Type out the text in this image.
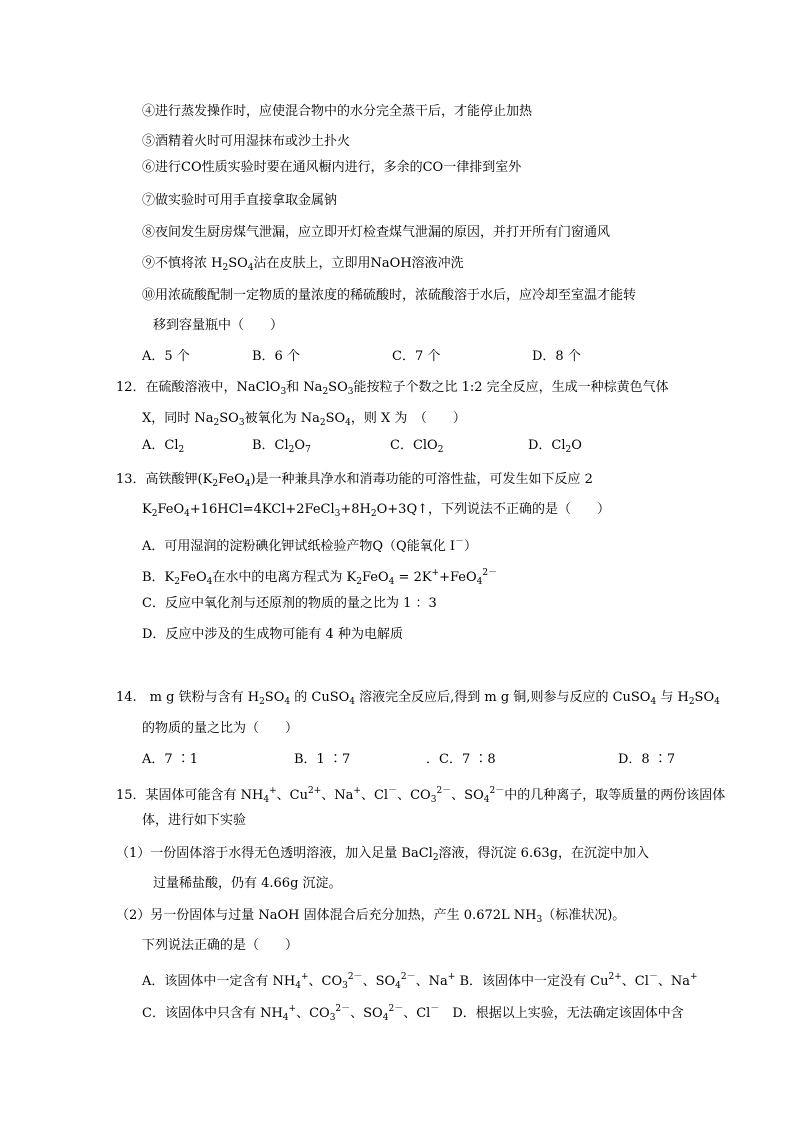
④进行蒸发操作时，应使混合物中的水分完全蒸干后，才能停止加热
⑤酒精着火时可用湿抹布或沙土扑火
⑥进行CO性质实验时要在通风橱内进行，多余的CO一律排到室外
⑦做实验时可用手直接拿取金属钠
⑧夜间发生厨房煤气泄漏，应立即开灯检查煤气泄漏的原因，并打开所有门窗通风
⑨不慎将浓 $H_2SO_4$沾在皮肤上，立即用NaOH溶液冲洗
⑩用浓硫酸配制一定物质的量浓度的稀硫酸时，浓硫酸溶于水后，应冷却至室温才能转
移到容量瓶中（　　）
A．5 个	B．6 个	C．7 个	D．8 个
12．在硫酸溶液中，NaClO$_3$和 $Na_2SO_3$能按粒子个数之比 1:2 完全反应，生成一种棕黄色气体
X，同时 $Na_2SO_3$被氧化为 $Na_2SO_4$，则 X 为　（　　）
A．$Cl_2$	B．$Cl_2O_7$	C．ClO$_2$	D．$Cl_2O$
13．高铁酸钾$(K_2FeO_4)$是一种兼具净水和消毒功能的可溶性盐，可发生如下反应 2
$K_2FeO_4+16HCl=4KCl+2FeCl_3+8H_2O+3Q↑$，下列说法不正确的是（　　）
A．可用湿润的淀粉碘化钾试纸检验产物Q（Q能氧化 I－）
B．$K_2FeO_4$在水中的电离方程式为 $K_2FeO_4 = 2K^++FeO_4^{2-}$
C．反应中氧化剂与还原剂的物质的量之比为 1 ：3
D．反应中涉及的生成物可能有 4 种为电解质
14.　m g 铁粉与含有 $H_2SO_4$ 的 CuSO$_4$ 溶液完全反应后,得到 m g 铜,则参与反应的 CuSO$_4$ 与 $H_2SO_4$
的物质的量之比为（　　）
A．7 ∶1	B．1 ∶7	．C．7 ∶8	D．8 ∶7
15．某固体可能含有 $NH_4^+$、$Cu^{2+}$、Na+、Cl－、$CO_3^{2-}$、$SO_4^{2-}$中的几种离子，取等质量的两份该固体
体，进行如下实验
（1）一份固体溶于水得无色透明溶液，加入足量 BaCl$_2$溶液，得沉淀 6.63g，在沉淀中加入
过量稀盐酸，仍有 4.66g 沉淀。
（2）另一份固体与过量 NaOH 固体混合后充分加热，产生 0.672L $NH_3$（标准状况)。
下列说法正确的是（　　）
A．该固体中一定含有 $NH_4^+$、$CO_3^{2-}$、$SO_4^{2-}$、Na+ B．该固体中一定没有 $Cu^{2+}$、Cl－、Na+
C．该固体中只含有 $NH_4^+$、$CO_3^{2-}$、$SO_4^{2-}$、Cl－　D．根据以上实验，无法确定该固体中含
